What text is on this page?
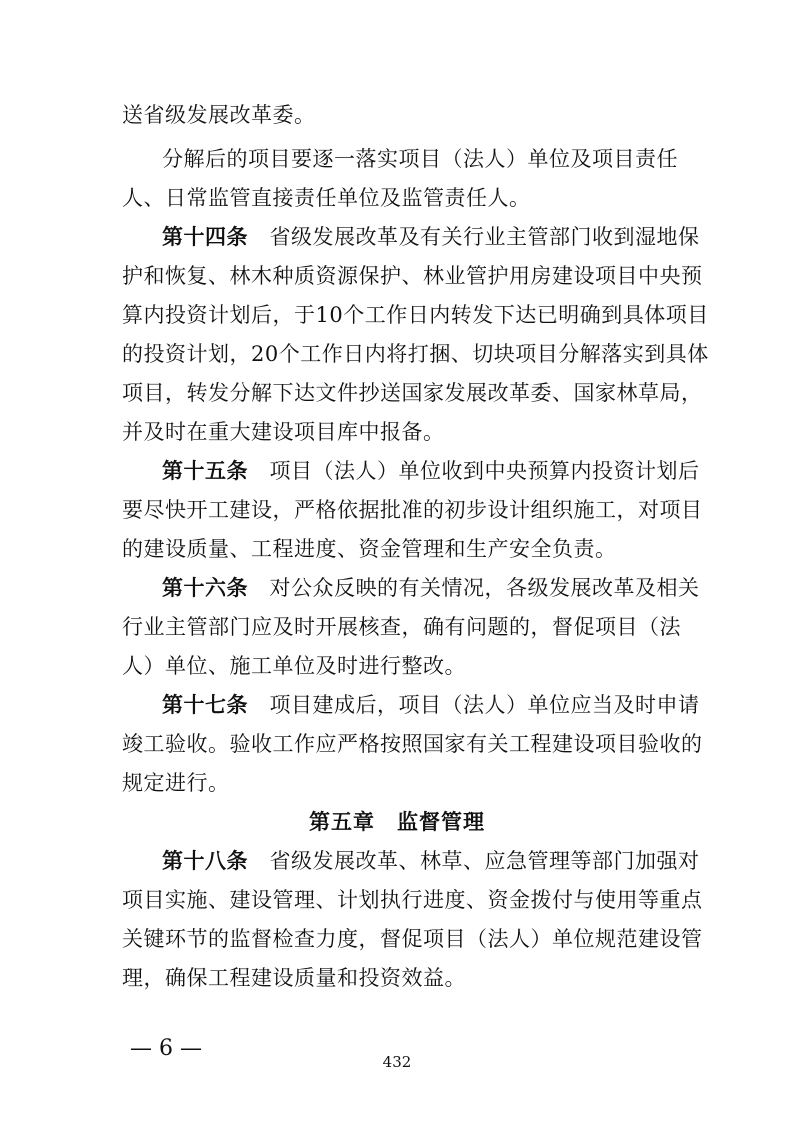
送省级发展改革委。
分解后的项目要逐一落实项目（法人）单位及项目责任
人、日常监管直接责任单位及监管责任人。
第十四条　 省级发展改革及有关行业主管部门收到湿地保
护和恢复、林木种质资源保护、林业管护用房建设项目中央预
算内投资计划后，于10个工作日内转发下达已明确到具体项目
的投资计划，20个工作日内将打捆、切块项目分解落实到具体
项目，转发分解下达文件抄送国家发展改革委、国家林草局，
并及时在重大建设项目库中报备。
第十五条　 项目（法人）单位收到中央预算内投资计划后
要尽快开工建设，严格依据批准的初步设计组织施工，对项目
的建设质量、工程进度、资金管理和生产安全负责。
第十六条　 对公众反映的有关情况，各级发展改革及相关
行业主管部门应及时开展核查，确有问题的，督促项目（法
人）单位、施工单位及时进行整改。
第十七条　 项目建成后，项目（法人）单位应当及时申请
竣工验收。验收工作应严格按照国家有关工程建设项目验收的
规定进行。
第五章　监督管理
第十八条　 省级发展改革、林草、应急管理等部门加强对
项目实施、建设管理、计划执行进度、资金拨付与使用等重点
关键环节的监督检查力度，督促项目（法人）单位规范建设管
理，确保工程建设质量和投资效益。
— 6 —
432
